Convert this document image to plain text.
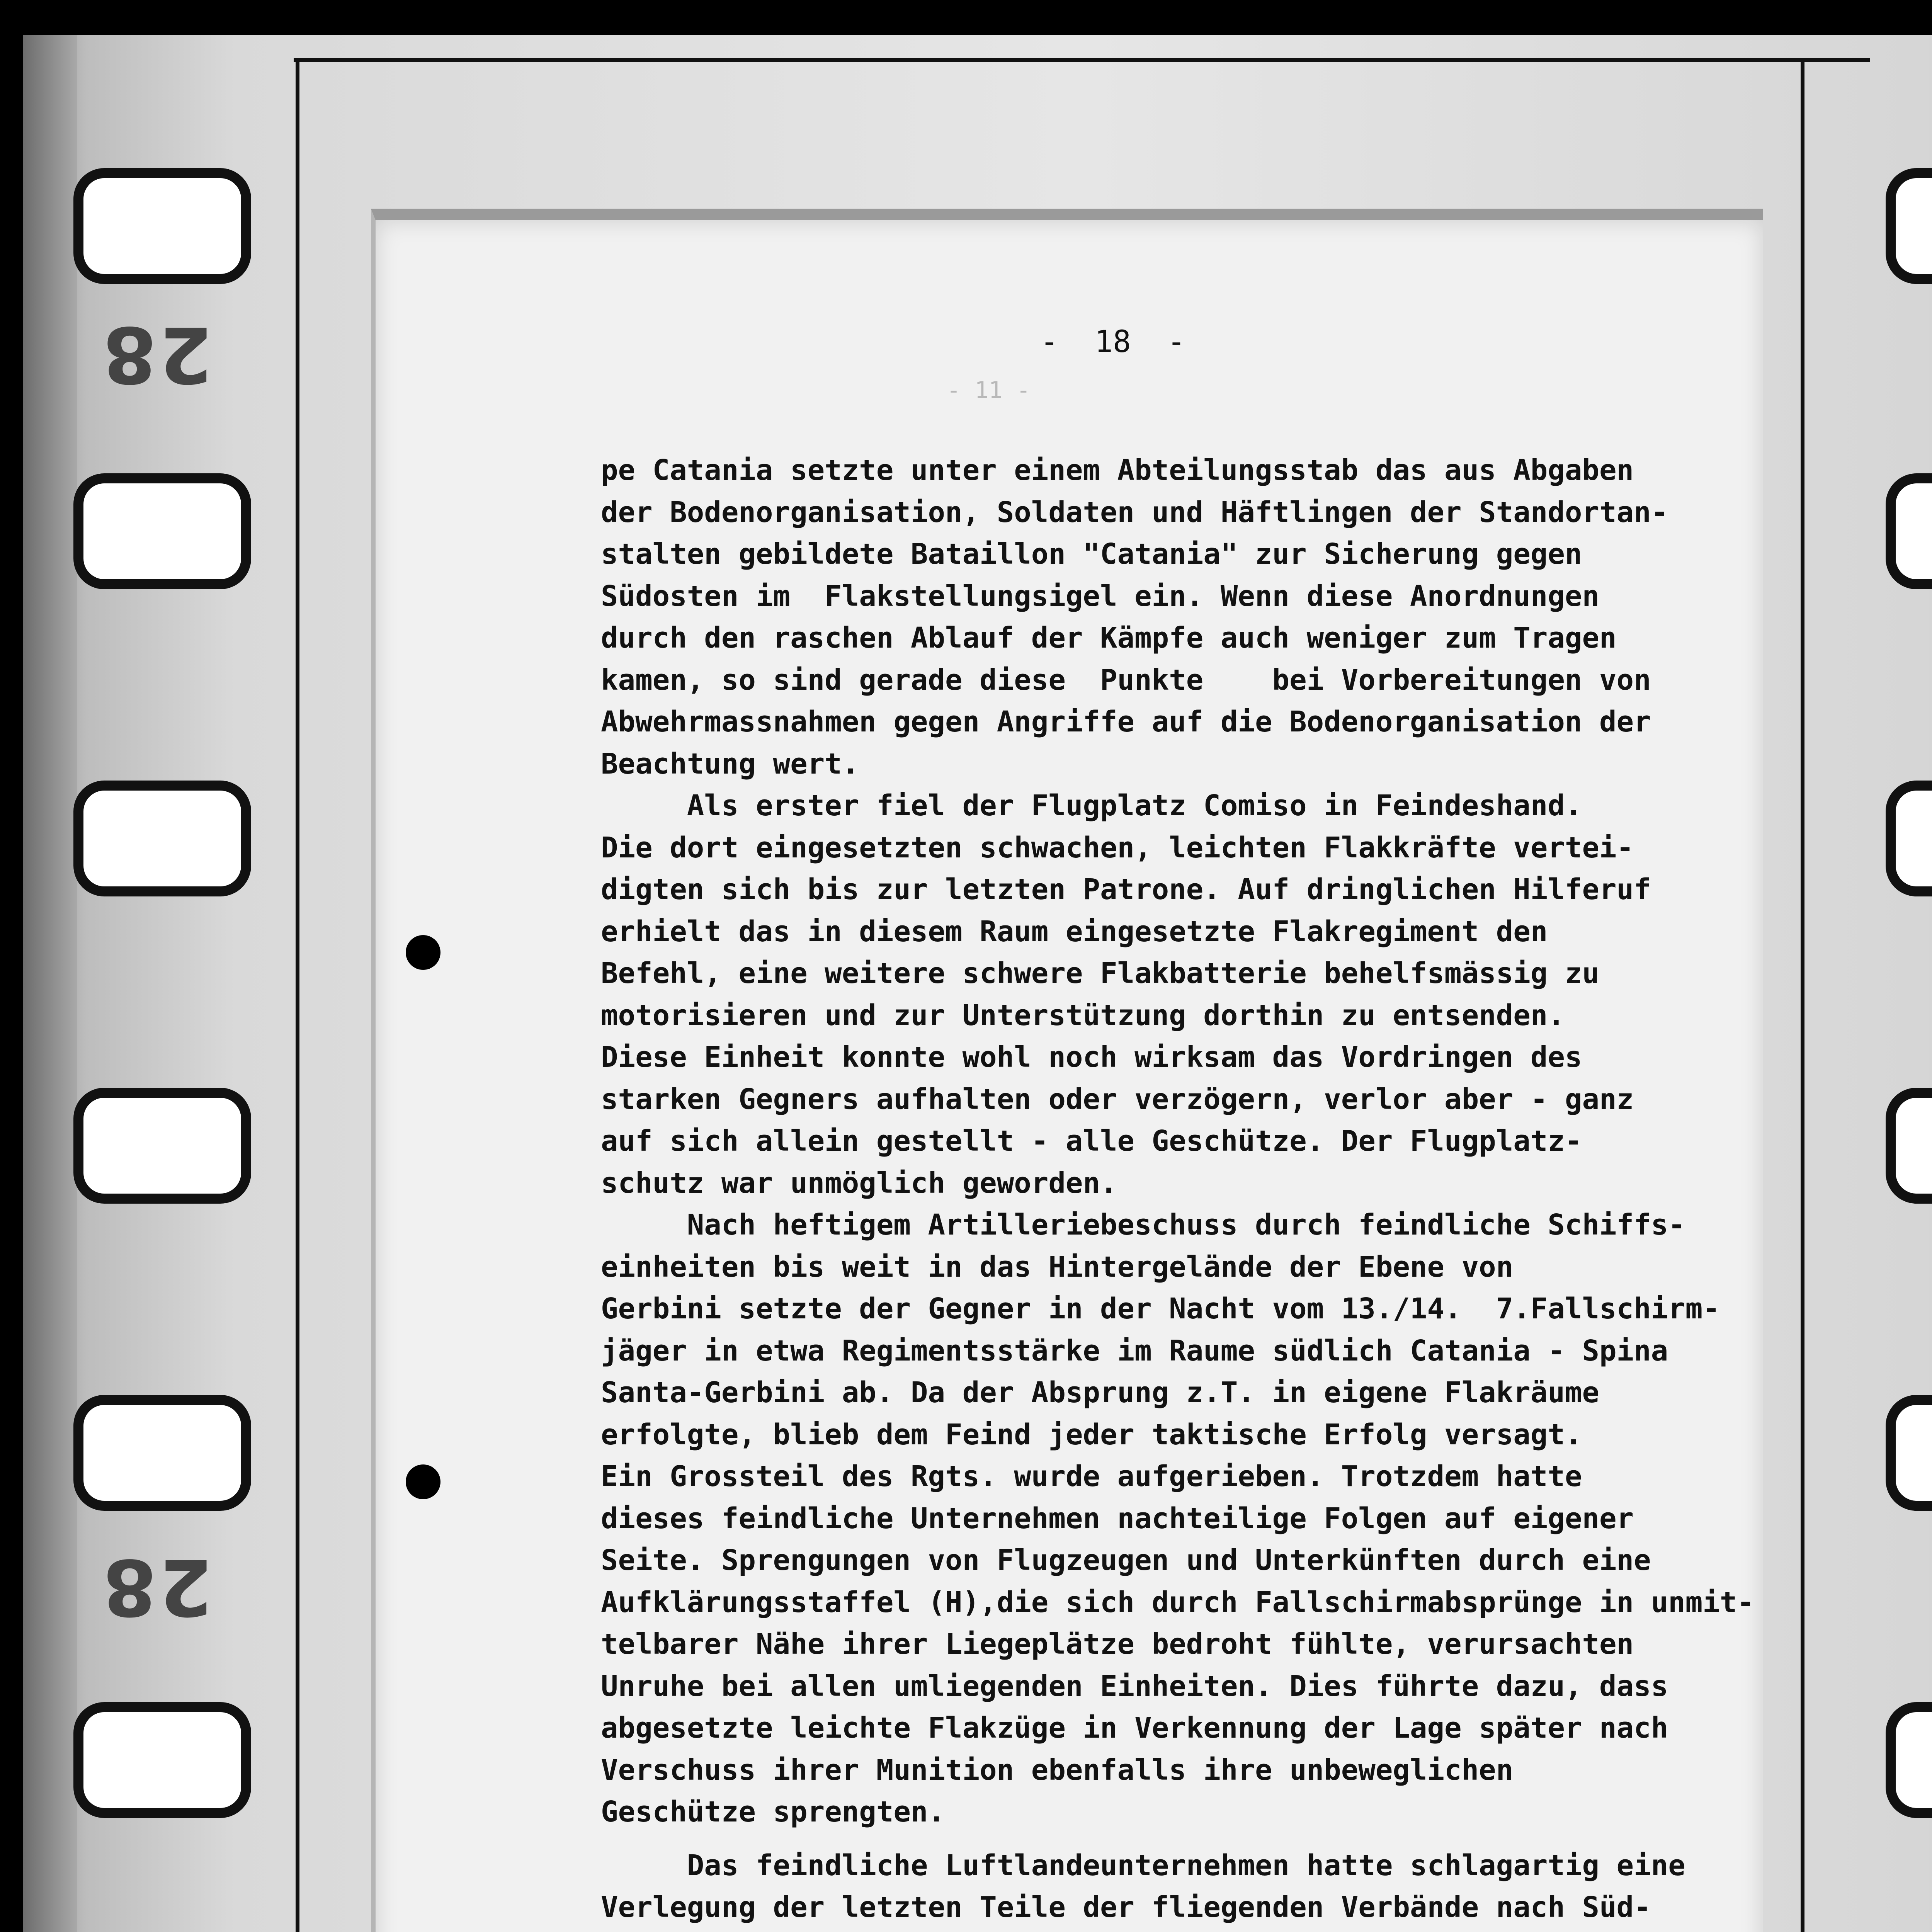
28
28
-  18  -
- 11 -
pe Catania setzte unter einem Abteilungsstab das aus Abgaben
der Bodenorganisation, Soldaten und Häftlingen der Standortan-
stalten gebildete Bataillon "Catania" zur Sicherung gegen
Südosten im  Flakstellungsigel ein. Wenn diese Anordnungen
durch den raschen Ablauf der Kämpfe auch weniger zum Tragen
kamen, so sind gerade diese  Punkte    bei Vorbereitungen von
Abwehrmassnahmen gegen Angriffe auf die Bodenorganisation der
Beachtung wert.
Als erster fiel der Flugplatz Comiso in Feindeshand.
Die dort eingesetzten schwachen, leichten Flakkräfte vertei-
digten sich bis zur letzten Patrone. Auf dringlichen Hilferuf
erhielt das in diesem Raum eingesetzte Flakregiment den
Befehl, eine weitere schwere Flakbatterie behelfsmässig zu
motorisieren und zur Unterstützung dorthin zu entsenden.
Diese Einheit konnte wohl noch wirksam das Vordringen des
starken Gegners aufhalten oder verzögern, verlor aber - ganz
auf sich allein gestellt - alle Geschütze. Der Flugplatz-
schutz war unmöglich geworden.
Nach heftigem Artilleriebeschuss durch feindliche Schiffs-
einheiten bis weit in das Hintergelände der Ebene von
Gerbini setzte der Gegner in der Nacht vom 13./14.  7.Fallschirm-
jäger in etwa Regimentsstärke im Raume südlich Catania - Spina
Santa-Gerbini ab. Da der Absprung z.T. in eigene Flakräume
erfolgte, blieb dem Feind jeder taktische Erfolg versagt.
Ein Grossteil des Rgts. wurde aufgerieben. Trotzdem hatte
dieses feindliche Unternehmen nachteilige Folgen auf eigener
Seite. Sprengungen von Flugzeugen und Unterkünften durch eine
Aufklärungsstaffel (H),die sich durch Fallschirmabsprünge in unmit-
telbarer Nähe ihrer Liegeplätze bedroht fühlte, verursachten
Unruhe bei allen umliegenden Einheiten. Dies führte dazu, dass
abgesetzte leichte Flakzüge in Verkennung der Lage später nach
Verschuss ihrer Munition ebenfalls ihre unbeweglichen
Geschütze sprengten.
Das feindliche Luftlandeunternehmen hatte schlagartig eine
Verlegung der letzten Teile der fliegenden Verbände nach Süd-
